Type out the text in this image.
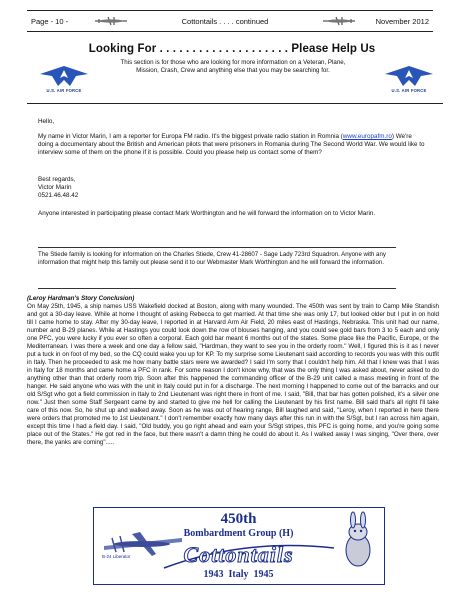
Page - 10 -	Cottontails . . . . continued	November 2012
Looking For . . . . . . . . . . . . . . . . . . . . Please Help Us
This section is for those who are looking for more information on a Veteran, Plane, Mission, Crash, Crew and anything else that you may be searching for.
U.S. AIR FORCE	U.S. AIR FORCE

Hello,

My name in Victor Marin, I am a reporter for Europa FM radio. It's the biggest private radio station in Romnia (www.europafm.ro) We're doing a documentary about the British and American pilots that were prisoners in Romania during The Second World War. We would like to interview some of them on the phone if it is possible. Could you please help us contact some of them?

Best regards,

Victor Marin

0521.46.48.42

Anyone interested in participating please contact Mark Worthington and he will forward the information on to Victor Marin.

The Stiede family is looking for information on the Charles Stiede, Crew 41-28607 - Sage Lady 723rd Squadron. Anyone with any information that might help this family out please send it to our Webmaster Mark Worthington and he will forward the information.

(Leroy Hardman's Story Conclusion)

On May 25th, 1945, a ship names USS Wakefield docked at Boston, along with many wounded. The 450th was sent by train to Camp Mile Standish and got a 30-day leave. While at home I thought of asking Rebecca to get married. At that time she was only 17, but looked older but I put in on hold till I came home to stay. After my 30-day leave, I reported in at Harvard Arm Air Field, 20 miles east of Hastings, Nebraska. This unit had our name, number and B-29 planes. While at Hastings you could look down the row of blouses hanging, and you could see gold bars from 3 to 5 each and only one PFC, you were lucky if you ever so often a corporal. Each gold bar meant 6 months out of the states. Some place like the Pacific, Europe, or the Mediterranean. I was there a week and one day a fellow said, "Hardman, they want to see you in the orderly room." Well, I figured this is it as I never put a tuck in on foot of my bed, so the CQ could wake you up for KP. To my surprise some Lieutenant said according to records you was with this outfit in Italy. Then he proceeded to ask me how many battle stars were we awarded? I said I'm sorry that I couldn't help him. All that I knew was that I was in Italy for 18 months and came home a PFC in rank. For some reason I don't know why, that was the only thing I was asked about, never asked to do anything other than that orderly room trip. Soon after this happened the commanding officer of the B-29 unit called a mass meeting in front of the hanger. He said anyone who was with the unit in Italy could put in for a discharge. The next morning I happened to come out of the barracks and our old S/Sgt who got a field commission in Italy to 2nd Lieutenant was right there in front of me. I said, "Bill, that bar has gotten polished, it's a silver one now." Just then some Staff Sergeant came by and started to give me hell for calling the Lieutenant by his first name. Bill said that's all right I'll take care of this now. So, he shut up and walked away. Soon as he was out of hearing range, Bill laughed and said, "Leroy, when I reported in here there were orders that promoted me to 1st Lieutenant." I don't remember exactly how many days after this run in with the S/Sgt, but I ran across him again, except this time I had a field day. I said, "Old buddy, you go right ahead and earn your S/Sgt stripes, this PFC is going home, and you're going some place out of the States." He got red in the face, but there wasn't a damn thing he could do about it. As I walked away I was singing, "Over there, over there, the yanks are coming".....

450th
Bombardment Group (H)
B-24 Liberator	Cottontails
1943  Italy  1945
